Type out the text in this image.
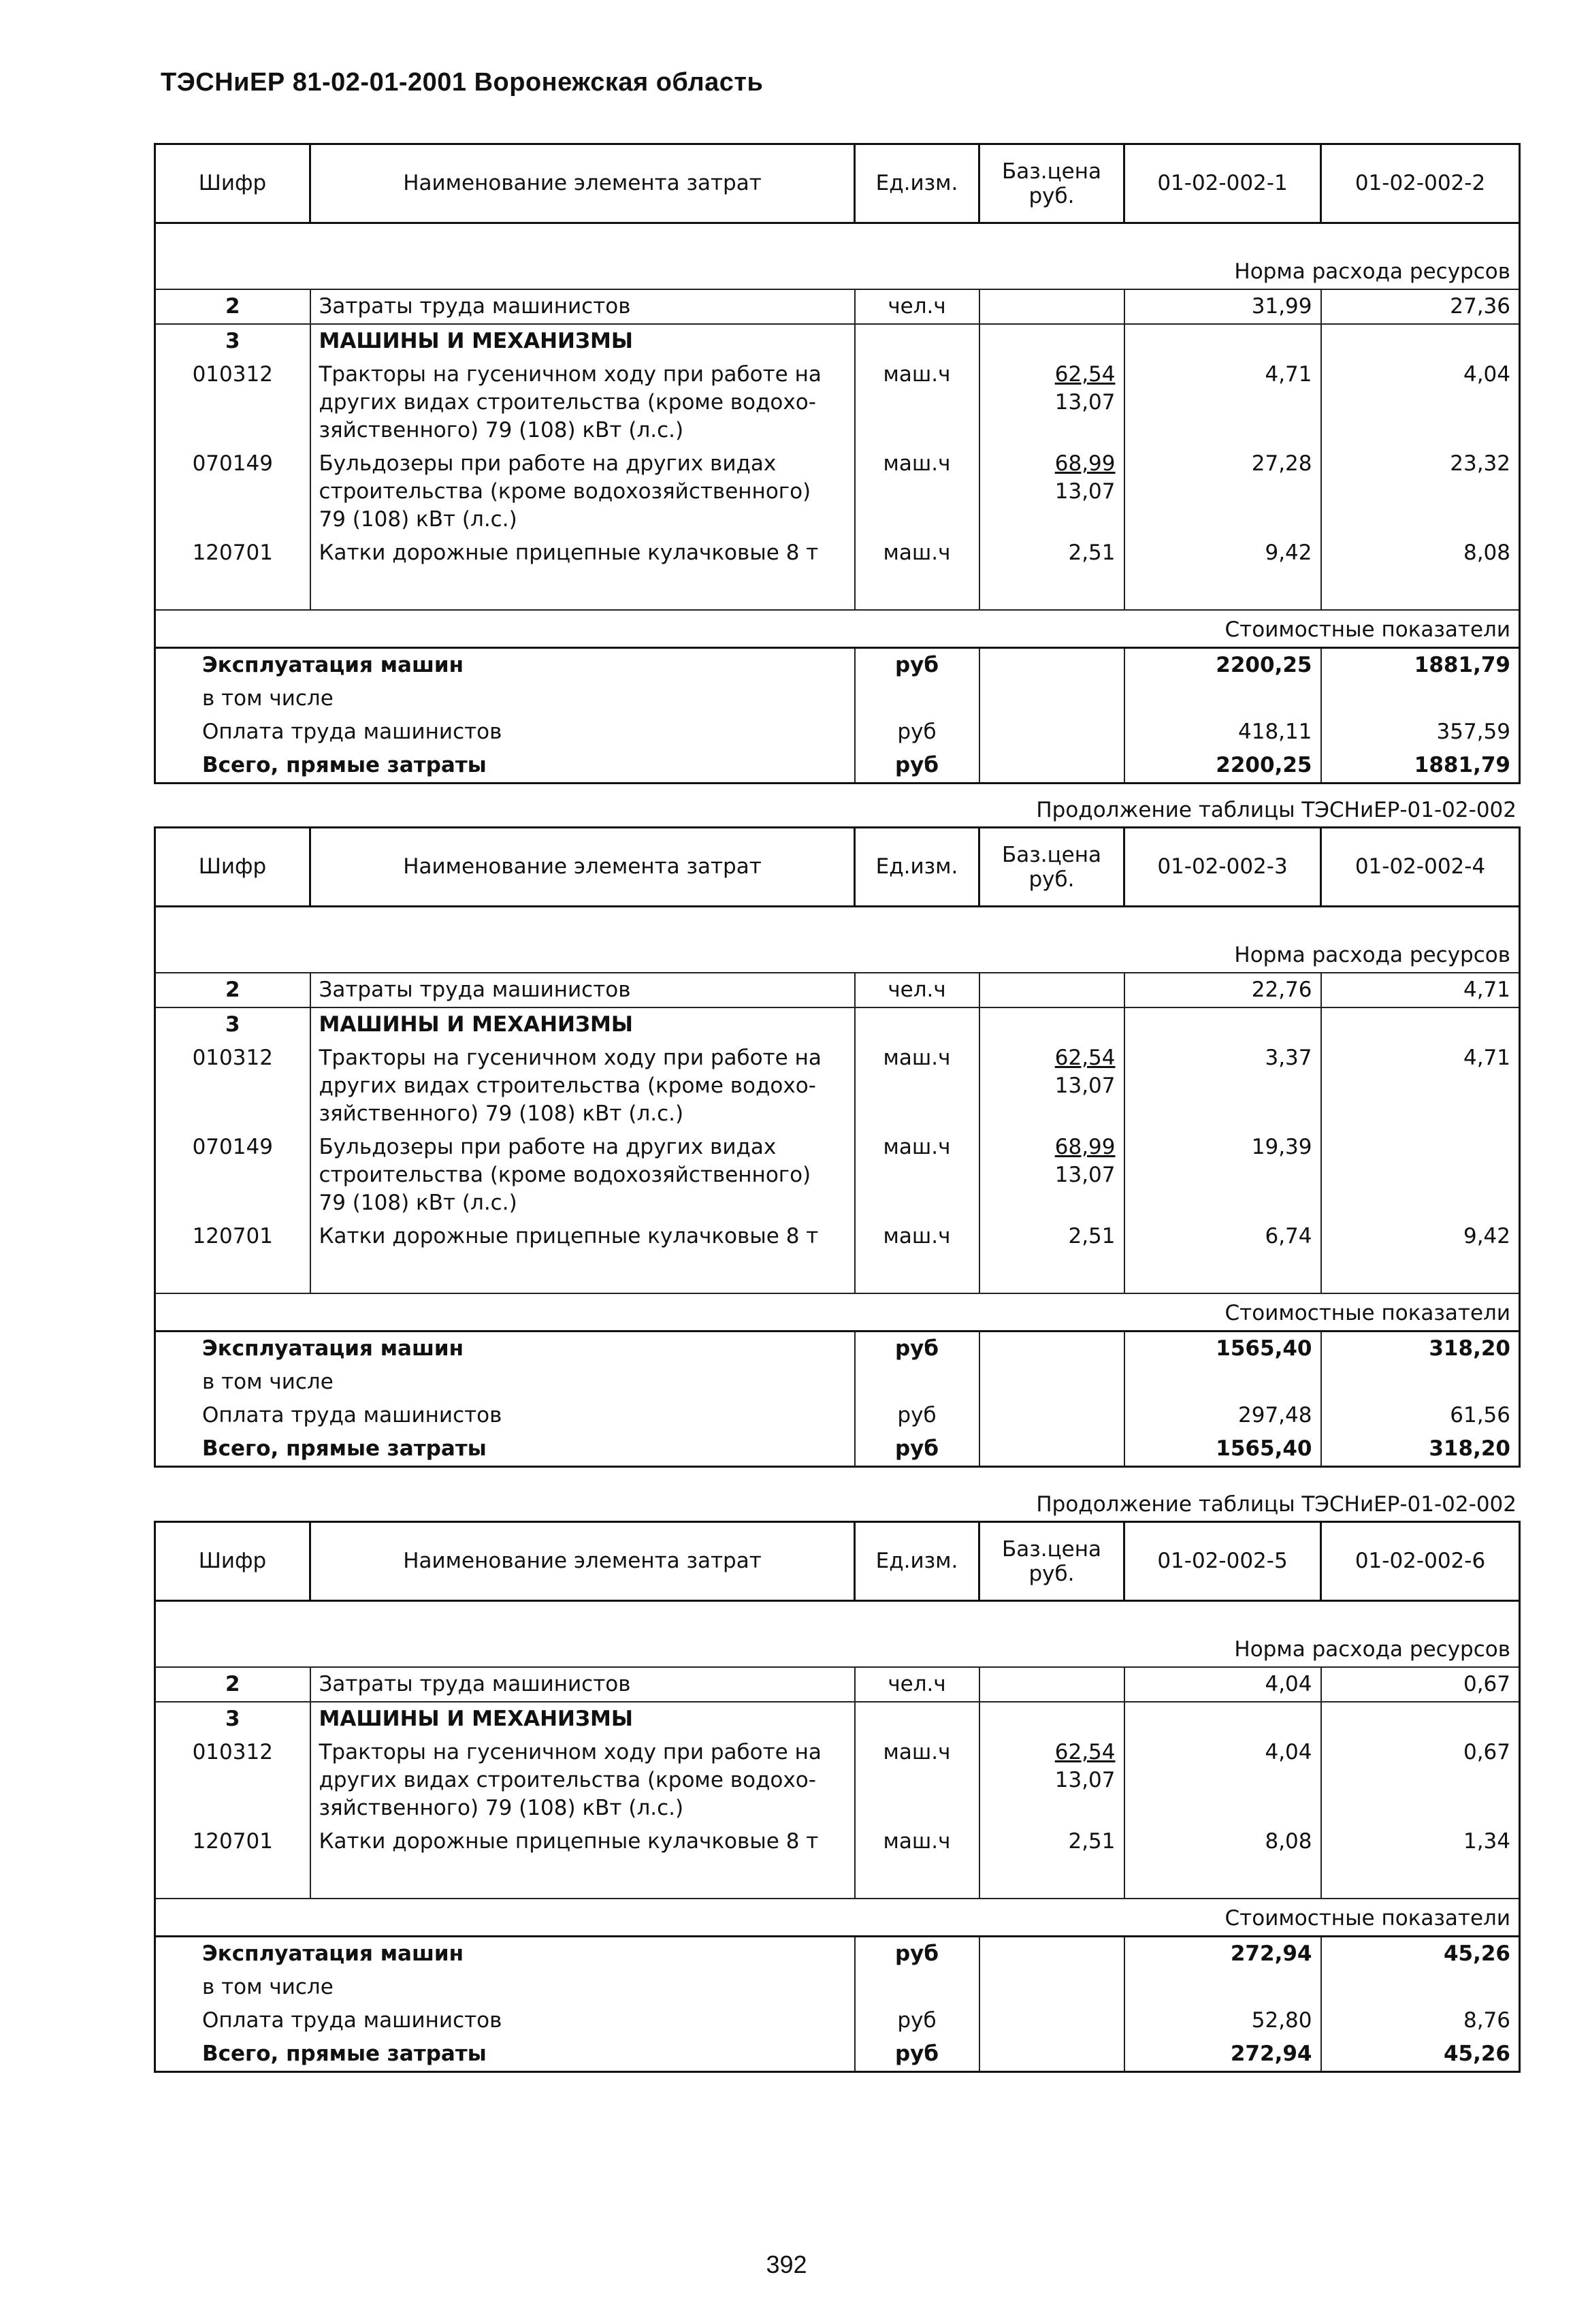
ТЭСНиЕР 81-02-01-2001 Воронежская область
Шифр	Наименование элемента затрат	Ед.изм.	Баз.цена
руб.	01-02-002-1	01-02-002-2
				Норма расхода ресурсов	
2	Затраты труда машинистов	чел.ч		31,99	27,36
3	МАШИНЫ И МЕХАНИЗМЫ				
010312	Тракторы на гусеничном ходу при работе на
других видах строительства (кроме водохо-
зяйственного) 79 (108) кВт (л.с.)	маш.ч	62,54
13,07	4,71	4,04
070149	Бульдозеры при работе на других видах
строительства (кроме водохозяйственного)
79 (108) кВт (л.с.)	маш.ч	68,99
13,07	27,28	23,32
120701	Катки дорожные прицепные кулачковые 8 т	маш.ч	2,51	9,42	8,08

Стоимостные показатели					
Эксплуатация машин		руб		2200,25	1881,79
в том числе					
Оплата труда машинистов		руб		418,11	357,59
Всего, прямые затраты		руб		2200,25	1881,79
Продолжение таблицы ТЭСНиЕР-01-02-002
Шифр	Наименование элемента затрат	Ед.изм.	Баз.цена
руб.	01-02-002-3	01-02-002-4
				Норма расхода ресурсов	
2	Затраты труда машинистов	чел.ч		22,76	4,71
3	МАШИНЫ И МЕХАНИЗМЫ				
010312	Тракторы на гусеничном ходу при работе на
других видах строительства (кроме водохо-
зяйственного) 79 (108) кВт (л.с.)	маш.ч	62,54
13,07	3,37	4,71
070149	Бульдозеры при работе на других видах
строительства (кроме водохозяйственного)
79 (108) кВт (л.с.)	маш.ч	68,99
13,07	19,39	
120701	Катки дорожные прицепные кулачковые 8 т	маш.ч	2,51	6,74	9,42

Стоимостные показатели					
Эксплуатация машин		руб		1565,40	318,20
в том числе					
Оплата труда машинистов		руб		297,48	61,56
Всего, прямые затраты		руб		1565,40	318,20
Продолжение таблицы ТЭСНиЕР-01-02-002
Шифр	Наименование элемента затрат	Ед.изм.	Баз.цена
руб.	01-02-002-5	01-02-002-6
				Норма расхода ресурсов	
2	Затраты труда машинистов	чел.ч		4,04	0,67
3	МАШИНЫ И МЕХАНИЗМЫ				
010312	Тракторы на гусеничном ходу при работе на
других видах строительства (кроме водохо-
зяйственного) 79 (108) кВт (л.с.)	маш.ч	62,54
13,07	4,04	0,67
120701	Катки дорожные прицепные кулачковые 8 т	маш.ч	2,51	8,08	1,34

Стоимостные показатели					
Эксплуатация машин		руб		272,94	45,26
в том числе					
Оплата труда машинистов		руб		52,80	8,76
Всего, прямые затраты		руб		272,94	45,26
392
